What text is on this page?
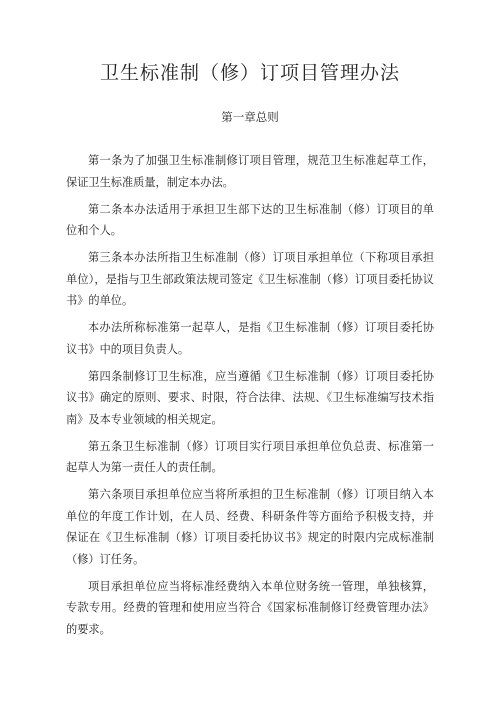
卫生标准制（修）订项目管理办法
第一章总则

第一条为了加强卫生标准制修订项目管理，规范卫生标准起草工作，保证卫生标准质量，制定本办法。

第二条本办法适用于承担卫生部下达的卫生标准制（修）订项目的单位和个人。

第三条本办法所指卫生标准制（修）订项目承担单位（下称项目承担单位），是指与卫生部政策法规司签定《卫生标准制（修）订项目委托协议书》的单位。

本办法所称标准第一起草人，是指《卫生标准制（修）订项目委托协议书》中的项目负责人。

第四条制修订卫生标准，应当遵循《卫生标准制（修）订项目委托协议书》确定的原则、要求、时限，符合法律、法规、《卫生标准编写技术指南》及本专业领域的相关规定。

第五条卫生标准制（修）订项目实行项目承担单位负总责、标准第一起草人为第一责任人的责任制。

第六条项目承担单位应当将所承担的卫生标准制（修）订项目纳入本单位的年度工作计划，在人员、经费、科研条件等方面给予积极支持，并保证在《卫生标准制（修）订项目委托协议书》规定的时限内完成标准制（修）订任务。

项目承担单位应当将标准经费纳入本单位财务统一管理，单独核算，专款专用。经费的管理和使用应当符合《国家标准制修订经费管理办法》的要求。
